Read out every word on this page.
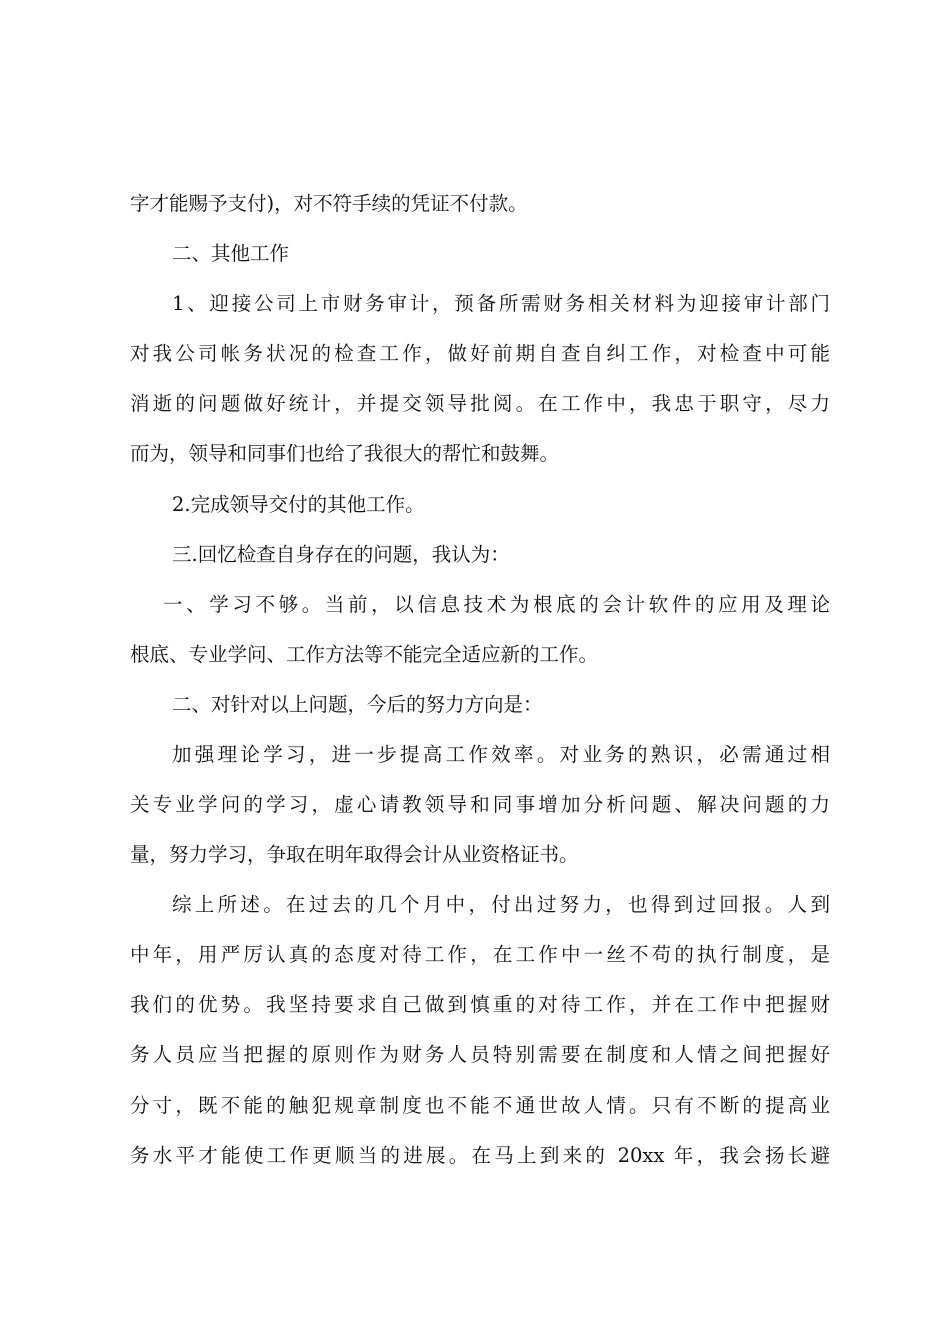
字才能赐予支付)，对不符手续的凭证不付款。
二、其他工作
1、迎接公司上市财务审计，预备所需财务相关材料为迎接审计部门
对我公司帐务状况的检查工作，做好前期自查自纠工作，对检查中可能
消逝的问题做好统计，并提交领导批阅。在工作中，我忠于职守，尽力
而为，领导和同事们也给了我很大的帮忙和鼓舞。
2.完成领导交付的其他工作。
三.回忆检查自身存在的问题，我认为：
一、学习不够。当前，以信息技术为根底的会计软件的应用及理论
根底、专业学问、工作方法等不能完全适应新的工作。
二、对针对以上问题，今后的努力方向是：
加强理论学习，进一步提高工作效率。对业务的熟识，必需通过相
关专业学问的学习，虚心请教领导和同事增加分析问题、解决问题的力
量，努力学习，争取在明年取得会计从业资格证书。
综上所述。在过去的几个月中，付出过努力，也得到过回报。人到
中年，用严厉认真的态度对待工作，在工作中一丝不苟的执行制度，是
我们的优势。我坚持要求自己做到慎重的对待工作，并在工作中把握财
务人员应当把握的原则作为财务人员特别需要在制度和人情之间把握好
分寸，既不能的触犯规章制度也不能不通世故人情。只有不断的提高业
务水平才能使工作更顺当的进展。在马上到来的 20xx 年，我会扬长避
